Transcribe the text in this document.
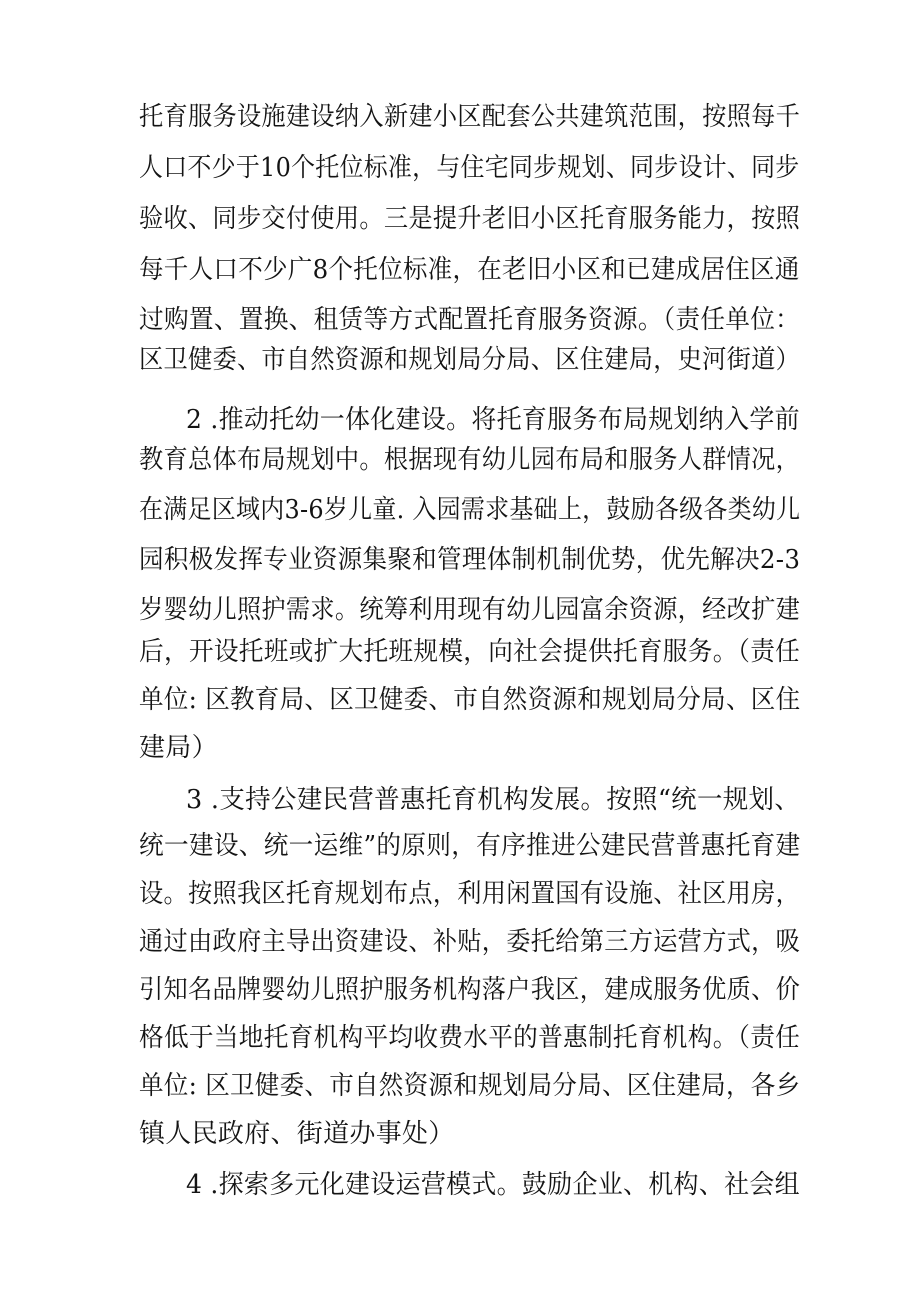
托育服务设施建设纳入新建小区配套公共建筑范围，按照每千

人口不少于10个托位标准，与住宅同步规划、同步设计、同步

验收、同步交付使用。三是提升老旧小区托育服务能力，按照

每千人口不少广8个托位标准，在老旧小区和已建成居住区通

过购置、置换、租赁等方式配置托育服务资源。（责任单位：

区卫健委、市自然资源和规划局分局、区住建局，史河街道）

2 .推动托幼一体化建设。将托育服务布局规划纳入学前

教育总体布局规划中。根据现有幼儿园布局和服务人群情况，

在满足区域内3-6岁儿童. 入园需求基础上，鼓励各级各类幼儿

园积极发挥专业资源集聚和管理体制机制优势，优先解决2-3

岁婴幼儿照护需求。统筹利用现有幼儿园富余资源，经改扩建

后，开设托班或扩大托班规模，向社会提供托育服务。（责任

单位: 区教育局、区卫健委、市自然资源和规划局分局、区住

建局）

3 .支持公建民营普惠托育机构发展。按照“统一规划、

统一建设、统一运维”的原则，有序推进公建民营普惠托育建

设。按照我区托育规划布点，利用闲置国有设施、社区用房，

通过由政府主导出资建设、补贴，委托给第三方运营方式，吸

引知名品牌婴幼儿照护服务机构落户我区，建成服务优质、价

格低于当地托育机构平均收费水平的普惠制托育机构。（责任

单位: 区卫健委、市自然资源和规划局分局、区住建局，各乡

镇人民政府、街道办事处）

4 .探索多元化建设运营模式。鼓励企业、机构、社会组
